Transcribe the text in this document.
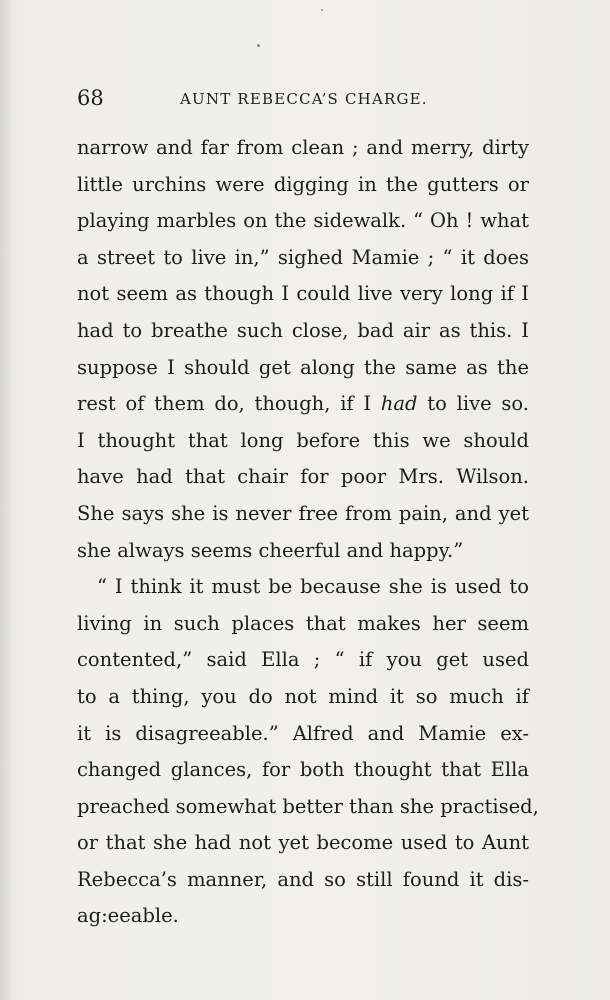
68	AUNT REBECCA’S CHARGE.
narrow and far from clean ; and merry, dirty
little urchins were digging in the gutters or
playing marbles on the sidewalk. “ Oh ! what
a street to live in,” sighed Mamie ; “ it does
not seem as though I could live very long if I
had to breathe such close, bad air as this. I
suppose I should get along the same as the
rest of them do, though, if I had to live so.
I thought that long before this we should
have had that chair for poor Mrs. Wilson.
She says she is never free from pain, and yet
she always seems cheerful and happy.”
“ I think it must be because she is used to
living in such places that makes her seem
contented,” said Ella ; “ if you get used
to a thing, you do not mind it so much if
it is disagreeable.” Alfred and Mamie ex-
changed glances, for both thought that Ella
preached somewhat better than she practised,
or that she had not yet become used to Aunt
Rebecca’s manner, and so still found it dis-
ag:eeable.
